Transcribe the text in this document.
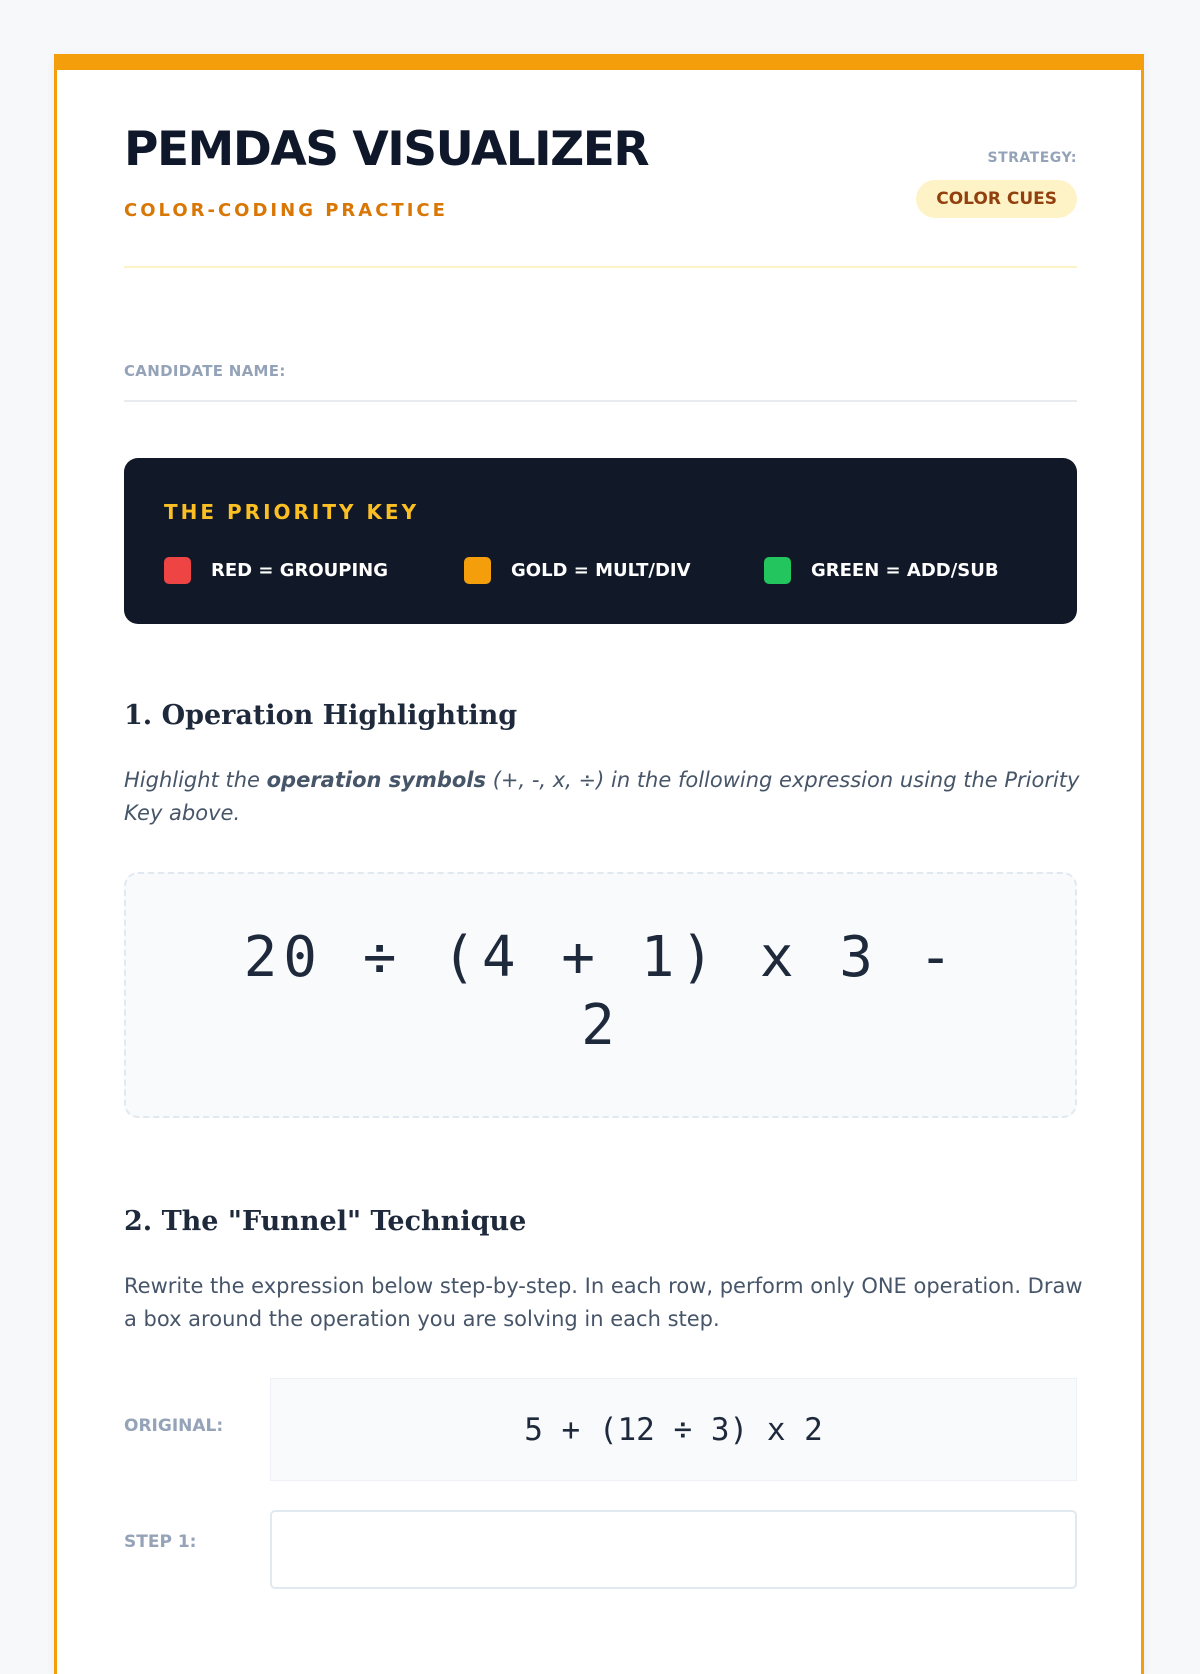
PEMDAS VISUALIZER
COLOR-CODING PRACTICE
STRATEGY:
COLOR CUES
CANDIDATE NAME:
THE PRIORITY KEY
RED = GROUPING	GOLD = MULT/DIV	GREEN = ADD/SUB
1. Operation Highlighting
Highlight the operation symbols (+, -, x, ÷) in the following expression using the Priority Key above.
20 ÷ (4 + 1) x 3 - 2
2. The "Funnel" Technique
Rewrite the expression below step-by-step. In each row, perform only ONE operation. Draw a box around the operation you are solving in each step.
ORIGINAL:	5 + (12 ÷ 3) x 2
STEP 1:
